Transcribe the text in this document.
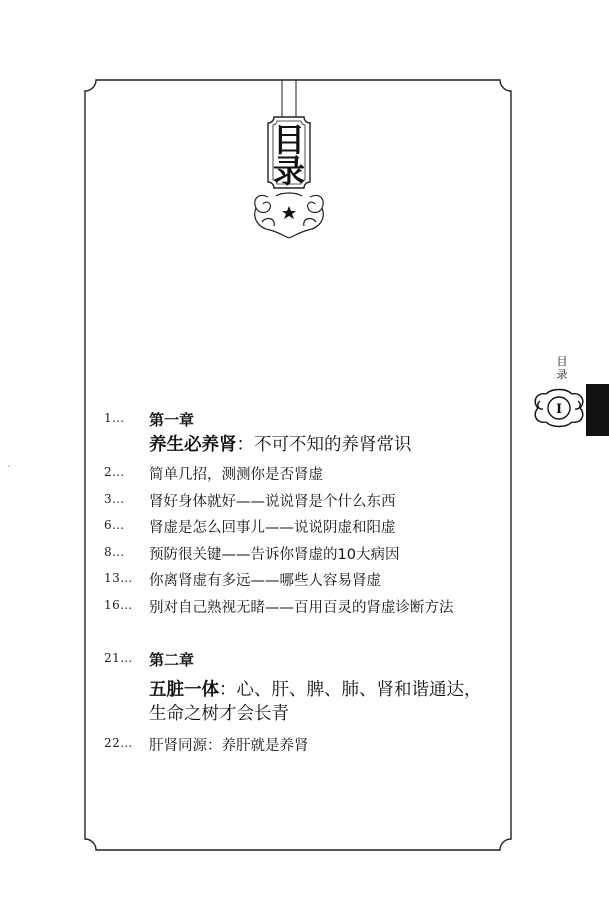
目
录
目
录
I
1…	第一章
养生必养肾：不可不知的养肾常识
2…	简单几招，测测你是否肾虚
3…	肾好身体就好——说说肾是个什么东西
6…	肾虚是怎么回事儿——说说阴虚和阳虚
8…	预防很关键——告诉你肾虚的10大病因
13…	你离肾虚有多远——哪些人容易肾虚
16…	别对自己熟视无睹——百用百灵的肾虚诊断方法
21…	第二章
五脏一体：心、肝、脾、肺、肾和谐通达，
生命之树才会长青
22…	肝肾同源：养肝就是养肾
